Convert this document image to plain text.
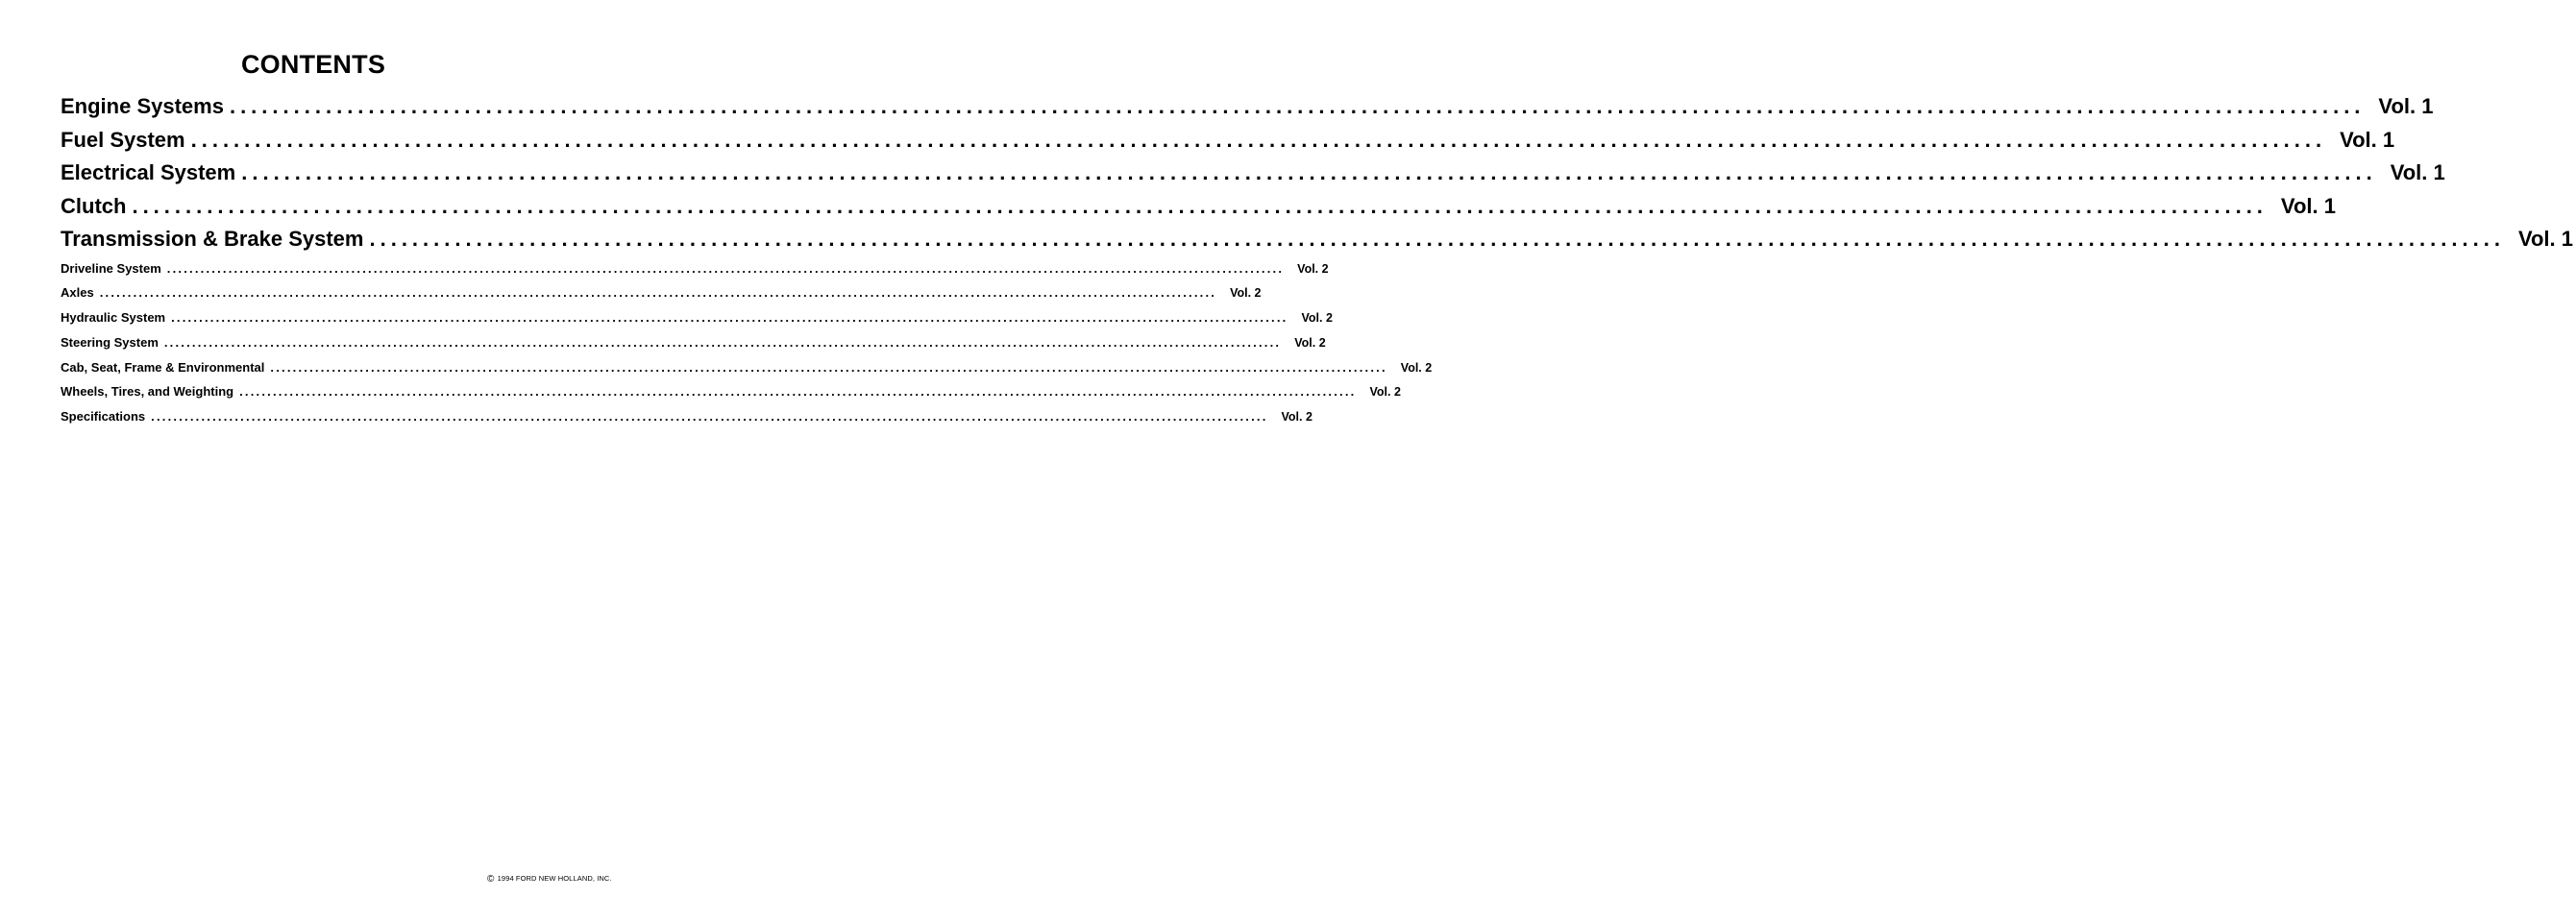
CONTENTS
Engine Systems ........................................................................................................................................................................................................ Vol. 1
Fuel System ........................................................................................................................................................................................................ Vol. 1
Electrical System ........................................................................................................................................................................................................ Vol. 1
Clutch ........................................................................................................................................................................................................ Vol. 1
Transmission & Brake System ........................................................................................................................................................................................................ Vol. 1
Driveline System ........................................................................................................................................................................................................	Vol. 2
Axles ........................................................................................................................................................................................................	Vol. 2
Hydraulic System ........................................................................................................................................................................................................	Vol. 2
Steering System ........................................................................................................................................................................................................	Vol. 2
Cab, Seat, Frame & Environmental ........................................................................................................................................................................................................	Vol. 2
Wheels, Tires, and Weighting ........................................................................................................................................................................................................	Vol. 2
Specifications ........................................................................................................................................................................................................	Vol. 2
© 1994 FORD NEW HOLLAND, INC.
